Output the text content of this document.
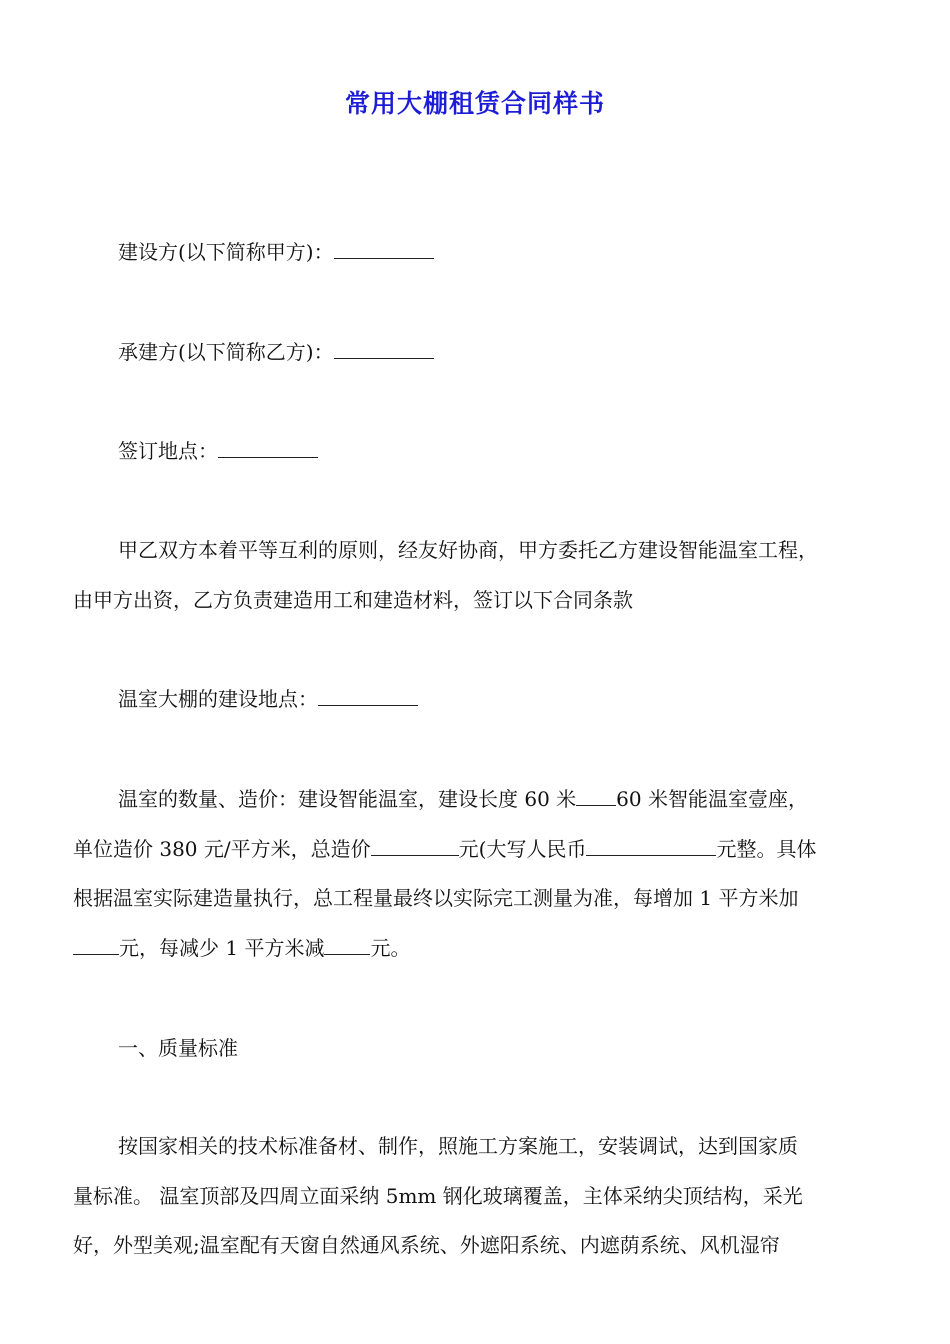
常用大棚租赁合同样书
建设方(以下简称甲方)：
承建方(以下简称乙方)：
签订地点：
甲乙双方本着平等互利的原则，经友好协商，甲方委托乙方建设智能温室工程，
由甲方出资，乙方负责建造用工和建造材料，签订以下合同条款
温室大棚的建设地点：
温室的数量、造价：建设智能温室，建设长度 60 米 60 米智能温室壹座，
单位造价 380 元/平方米，总造价	元(大写人民币	元整。具体
根据温室实际建造量执行，总工程量最终以实际完工测量为准，每增加 1 平方米加
元，每减少 1 平方米减 元。
一、质量标准
按国家相关的技术标准备材、制作，照施工方案施工，安装调试，达到国家质
量标准。 温室顶部及四周立面采纳 5mm 钢化玻璃覆盖，主体采纳尖顶结构，采光
好，外型美观;温室配有天窗自然通风系统、外遮阳系统、内遮荫系统、风机湿帘
